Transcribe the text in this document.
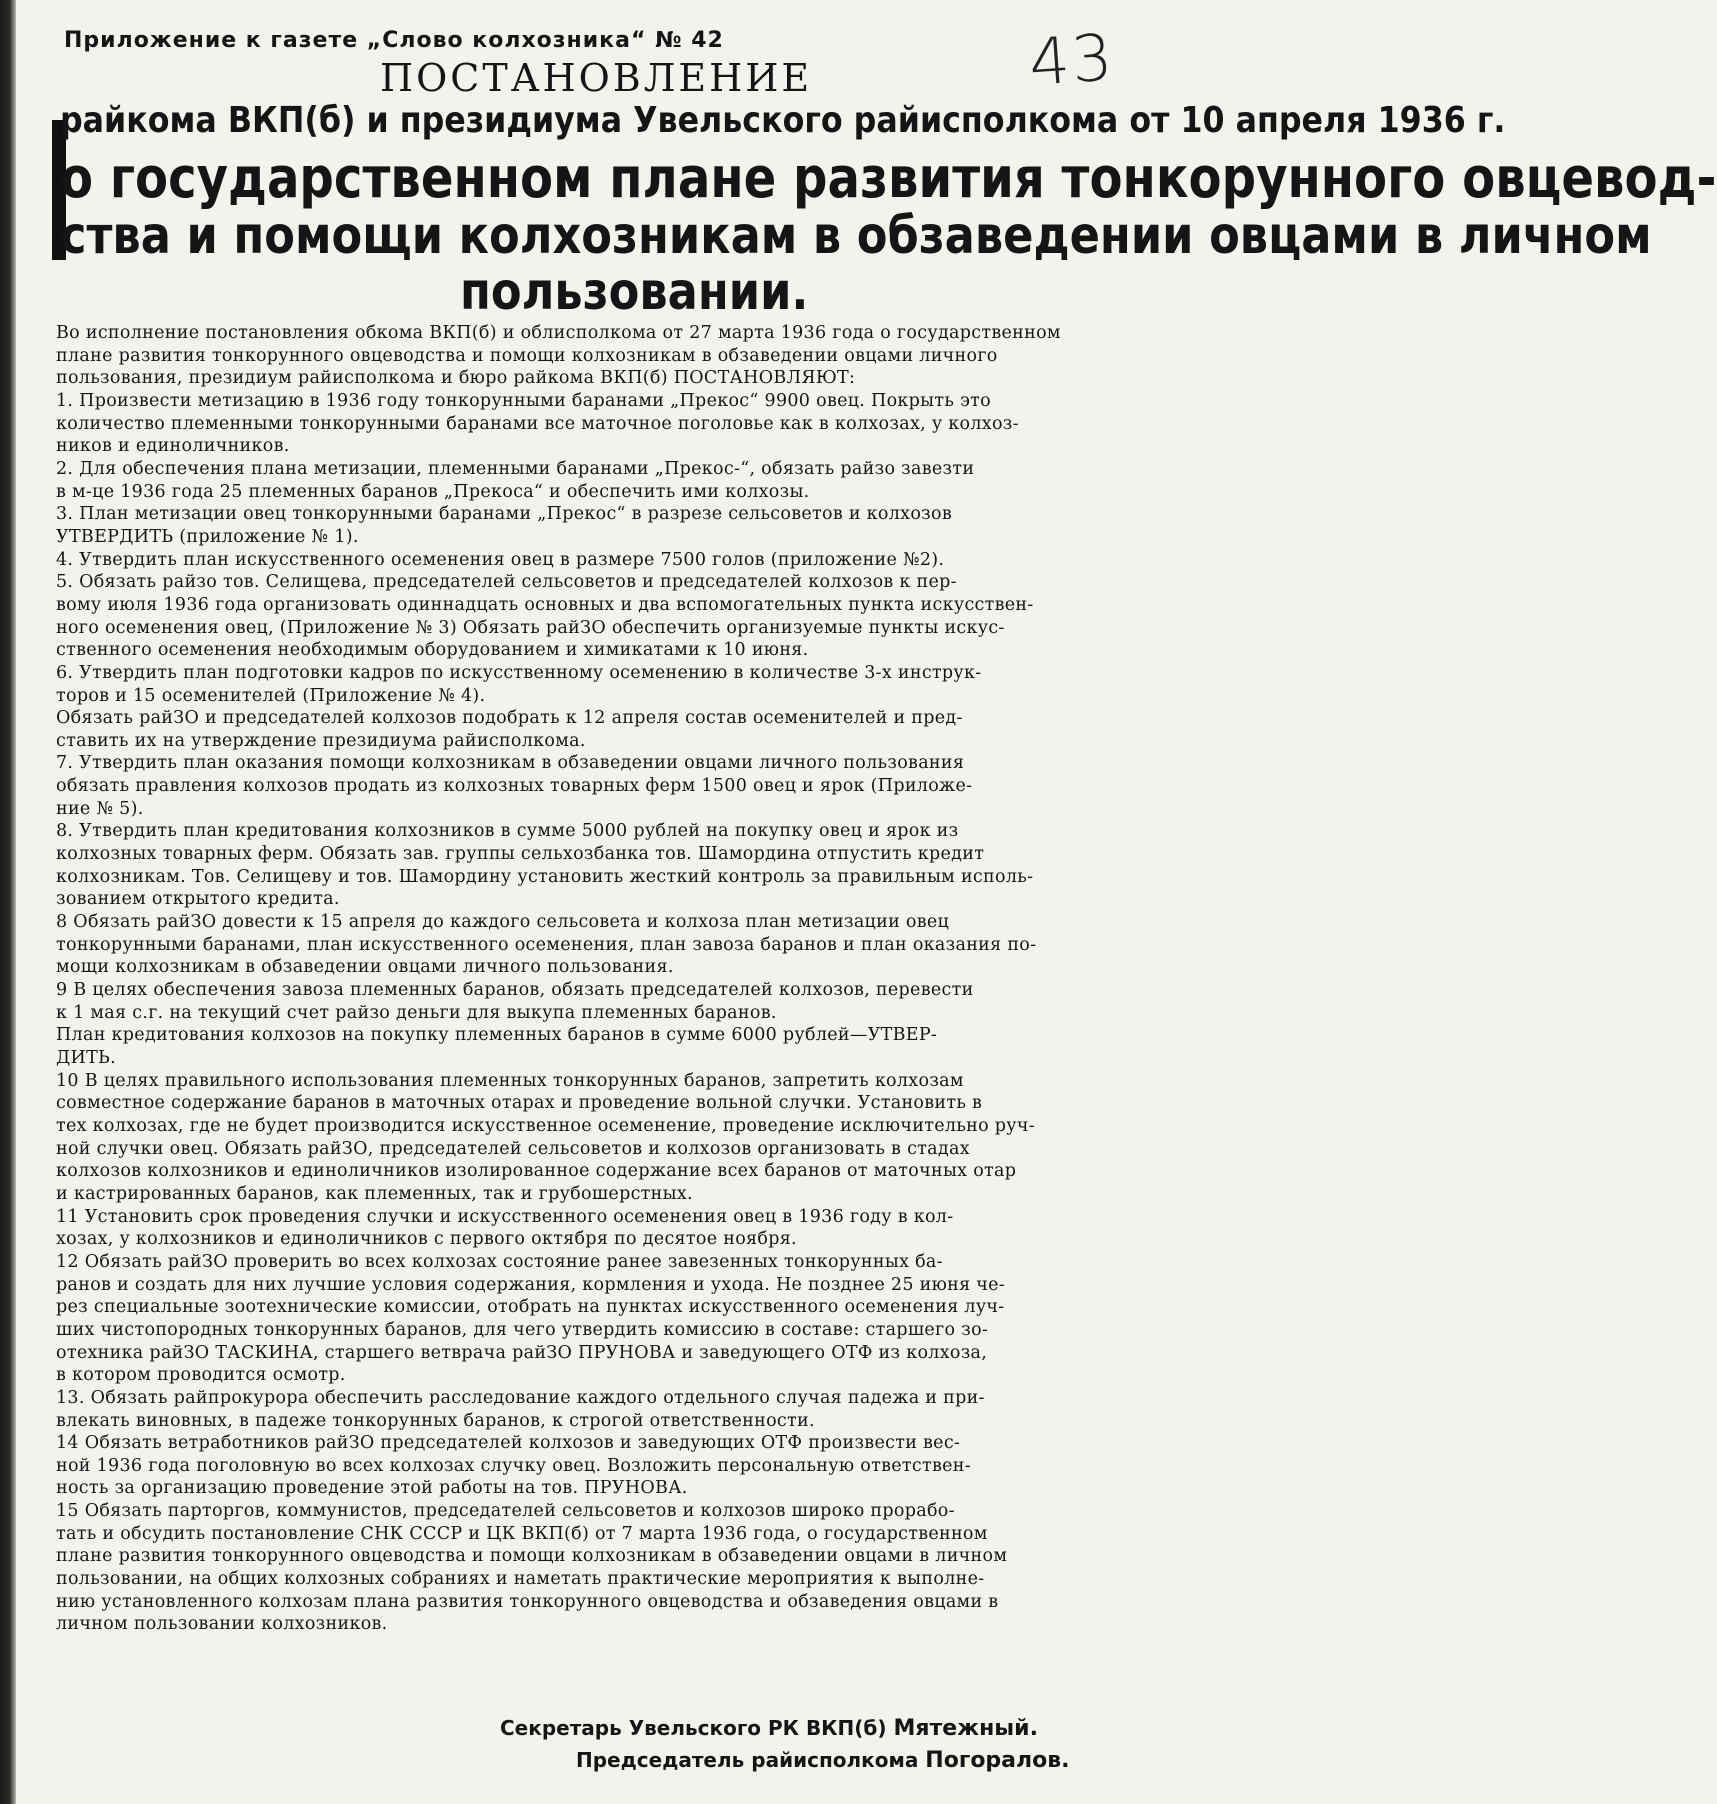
Приложение к газете „Слово колхозника“ № 42	43
ПОСТАНОВЛЕНИЕ
райкома ВКП(б) и президиума Увельского райисполкома от 10 апреля 1936 г.
о государственном плане развития тонкорунного овцевод-
ства и помощи колхозникам в обзаведении овцами в личном
пользовании.

Во исполнение постановления обкома ВКП(б) и облисполкома от 27 марта 1936 года о государственном

плане развития тонкорунного овцеводства и помощи колхозникам в обзаведении овцами личного

пользования, президиум райисполкома и бюро райкома ВКП(б) ПОСТАНОВЛЯЮТ:

1. Произвести метизацию в 1936 году тонкорунными баранами „Прекос“ 9900 овец. Покрыть это

количество племенными тонкорунными баранами все маточное поголовье как в колхозах, у колхоз-

ников и единоличников.

2. Для обеспечения плана метизации, племенными баранами „Прекос-“, обязать райзо завезти

в м-це 1936 года 25 племенных баранов „Прекоса“ и обеспечить ими колхозы.

3. План метизации овец тонкорунными баранами „Прекос“ в разрезе сельсоветов и колхозов

УТВЕРДИТЬ (приложение № 1).

4. Утвердить план искусственного осеменения овец в размере 7500 голов (приложение №2).

5. Обязать райзо тов. Селищева, председателей сельсоветов и председателей колхозов к пер-

вому июля 1936 года организовать одиннадцать основных и два вспомогательных пункта искусствен-

ного осеменения овец, (Приложение № 3) Обязать райЗО обеспечить организуемые пункты искус-

ственного осеменения необходимым оборудованием и химикатами к 10 июня.

6. Утвердить план подготовки кадров по искусственному осеменению в количестве 3-х инструк-

торов и 15 осеменителей (Приложение № 4).

Обязать райЗО и председателей колхозов подобрать к 12 апреля состав осеменителей и пред-

ставить их на утверждение президиума райисполкома.

7. Утвердить план оказания помощи колхозникам в обзаведении овцами личного пользования

обязать правления колхозов продать из колхозных товарных ферм 1500 овец и ярок (Приложе-

ние № 5).

8. Утвердить план кредитования колхозников в сумме 5000 рублей на покупку овец и ярок из

колхозных товарных ферм. Обязать зав. группы сельхозбанка тов. Шамордина отпустить кредит

колхозникам. Тов. Селищеву и тов. Шамордину установить жесткий контроль за правильным исполь-

зованием открытого кредита.

8 Обязать райЗО довести к 15 апреля до каждого сельсовета и колхоза план метизации овец

тонкорунными баранами, план искусственного осеменения, план завоза баранов и план оказания по-

мощи колхозникам в обзаведении овцами личного пользования.

9 В целях обеспечения завоза племенных баранов, обязать председателей колхозов, перевести

к 1 мая с.г. на текущий счет райзо деньги для выкупа племенных баранов.

План кредитования колхозов на покупку племенных баранов в сумме 6000 рублей—УТВЕР-

ДИТЬ.

10 В целях правильного использования племенных тонкорунных баранов, запретить колхозам

совместное содержание баранов в маточных отарах и проведение вольной случки. Установить в

тех колхозах, где не будет производится искусственное осеменение, проведение исключительно руч-

ной случки овец. Обязать райЗО, председателей сельсоветов и колхозов организовать в стадах

колхозов колхозников и единоличников изолированное содержание всех баранов от маточных отар

и кастрированных баранов, как племенных, так и грубошерстных.

11 Установить срок проведения случки и искусственного осеменения овец в 1936 году в кол-

хозах, у колхозников и единоличников с первого октября по десятое ноября.

12 Обязать райЗО проверить во всех колхозах состояние ранее завезенных тонкорунных ба-

ранов и создать для них лучшие условия содержания, кормления и ухода. Не позднее 25 июня че-

рез специальные зоотехнические комиссии, отобрать на пунктах искусственного осеменения луч-

ших чистопородных тонкорунных баранов, для чего утвердить комиссию в составе: старшего зо-

отехника райЗО ТАСКИНА, старшего ветврача райЗО ПРУНОВА и заведующего ОТФ из колхоза,

в котором проводится осмотр.

13. Обязать райпрокурора обеспечить расследование каждого отдельного случая падежа и при-

влекать виновных, в падеже тонкорунных баранов, к строгой ответственности.

14 Обязать ветработников райЗО председателей колхозов и заведующих ОТФ произвести вес-

ной 1936 года поголовную во всех колхозах случку овец. Возложить персональную ответствен-

ность за организацию проведение этой работы на тов. ПРУНОВА.

15 Обязать парторгов, коммунистов, председателей сельсоветов и колхозов широко прорабо-

тать и обсудить постановление СНК СССР и ЦК ВКП(б) от 7 марта 1936 года, о государственном

плане развития тонкорунного овцеводства и помощи колхозникам в обзаведении овцами в личном

пользовании, на общих колхозных собраниях и наметать практические мероприятия к выполне-

нию установленного колхозам плана развития тонкорунного овцеводства и обзаведения овцами в

личном пользовании колхозников.

Секретарь Увельского РК ВКП(б) Мятежный.
Председатель райисполкома Погоралов.
